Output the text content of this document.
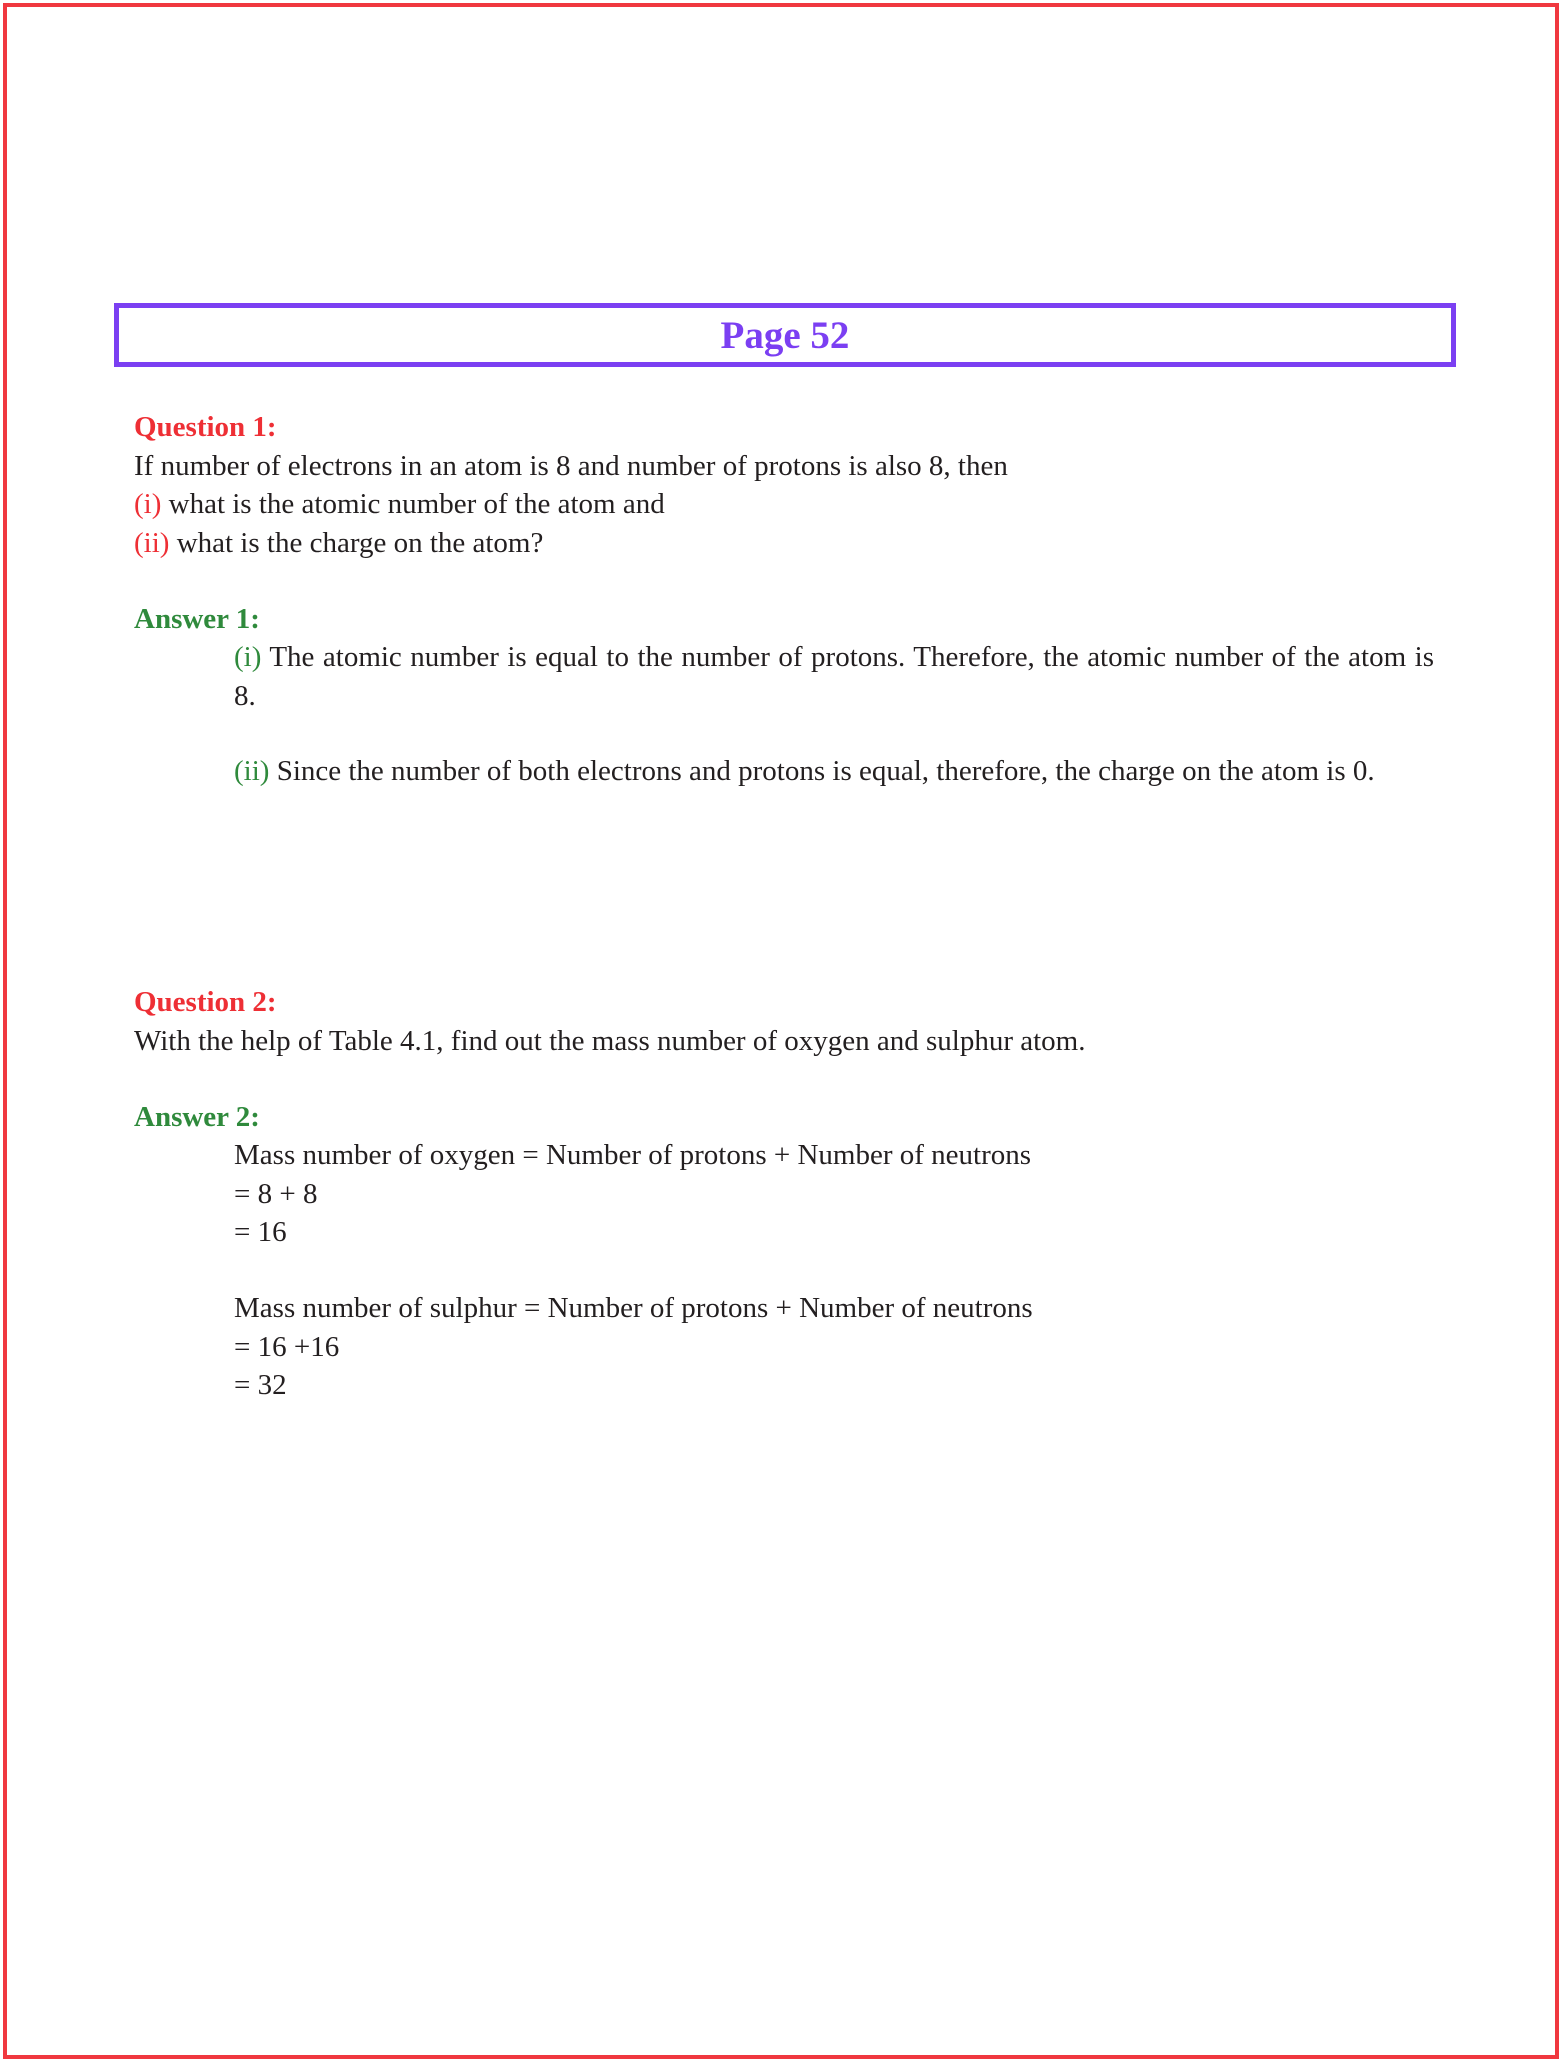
Page 52
Question 1:
If number of electrons in an atom is 8 and number of protons is also 8, then
(i) what is the atomic number of the atom and
(ii) what is the charge on the atom?
Answer 1:
(i) The atomic number is equal to the number of protons. Therefore, the atomic number of the atom is 8.
(ii) Since the number of both electrons and protons is equal, therefore, the charge on the atom is 0.
Question 2:
With the help of Table 4.1, find out the mass number of oxygen and sulphur atom.
Answer 2:
Mass number of oxygen = Number of protons + Number of neutrons
= 8 + 8
= 16
Mass number of sulphur = Number of protons + Number of neutrons
= 16 +16
= 32
